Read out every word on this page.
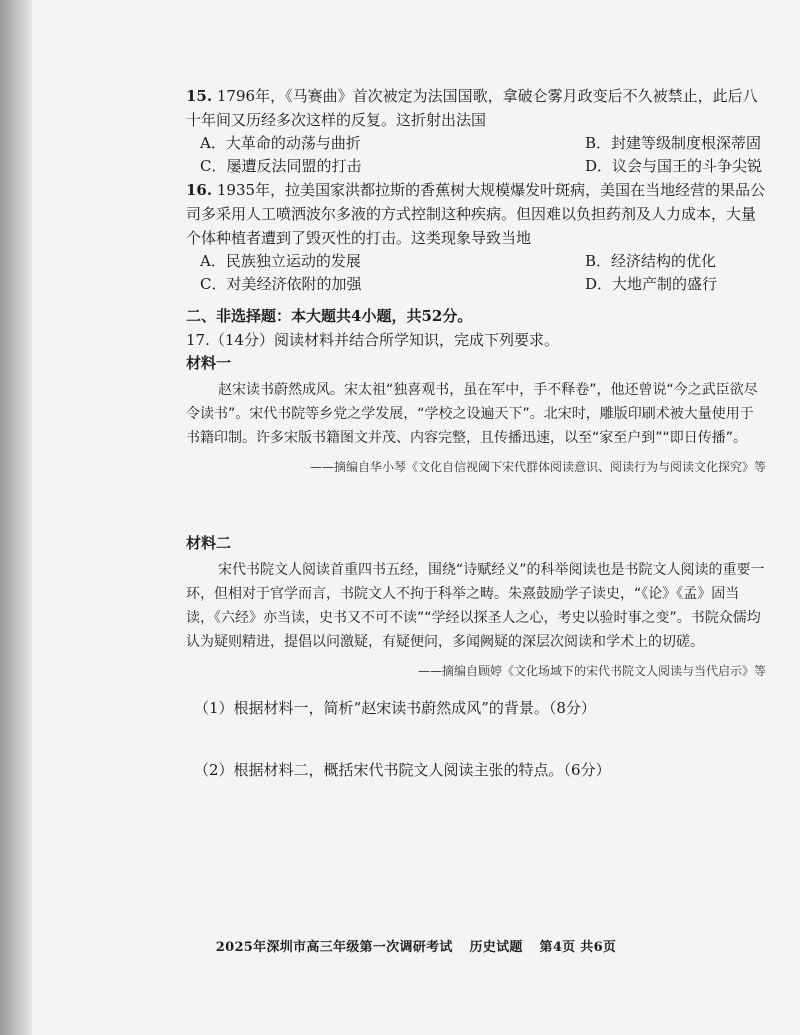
15. 1796年，《马赛曲》首次被定为法国国歌，拿破仑雾月政变后不久被禁止，此后八十年间又历经多次这样的反复。这折射出法国

A．大革命的动荡与曲折	B．封建等级制度根深蒂固
C．屡遭反法同盟的打击	D．议会与国王的斗争尖锐

16. 1935年，拉美国家洪都拉斯的香蕉树大规模爆发叶斑病，美国在当地经营的果品公司多采用人工喷洒波尔多液的方式控制这种疾病。但因难以负担药剂及人力成本，大量个体种植者遭到了毁灭性的打击。这类现象导致当地

A．民族独立运动的发展	B．经济结构的优化
C．对美经济依附的加强	D．大地产制的盛行
二、非选择题：本大题共4小题，共52分。
17.（14分）阅读材料并结合所学知识，完成下列要求。
材料一

赵宋读书蔚然成风。宋太祖“独喜观书，虽在军中，手不释卷”，他还曾说“今之武臣欲尽令读书”。宋代书院等乡党之学发展，“学校之设遍天下”。北宋时，雕版印刷术被大量使用于书籍印制。许多宋版书籍图文并茂、内容完整，且传播迅速，以至“家至户到”“即日传播”。

——摘编自华小琴《文化自信视阈下宋代群体阅读意识、阅读行为与阅读文化探究》等
材料二

宋代书院文人阅读首重四书五经，围绕“诗赋经义”的科举阅读也是书院文人阅读的重要一环，但相对于官学而言，书院文人不拘于科举之畴。朱熹鼓励学子读史，“《论》《孟》固当读，《六经》亦当读，史书又不可不读”“学经以探圣人之心，考史以验时事之变”。书院众儒均认为疑则精进，提倡以问激疑，有疑便问，多闻阙疑的深层次阅读和学术上的切磋。

——摘编自顾婷《文化场域下的宋代书院文人阅读与当代启示》等
（1）根据材料一，简析“赵宋读书蔚然成风”的背景。（8分）
（2）根据材料二，概括宋代书院文人阅读主张的特点。（6分）
2025年深圳市高三年级第一次调研考试 历史试题 第4页 共6页
